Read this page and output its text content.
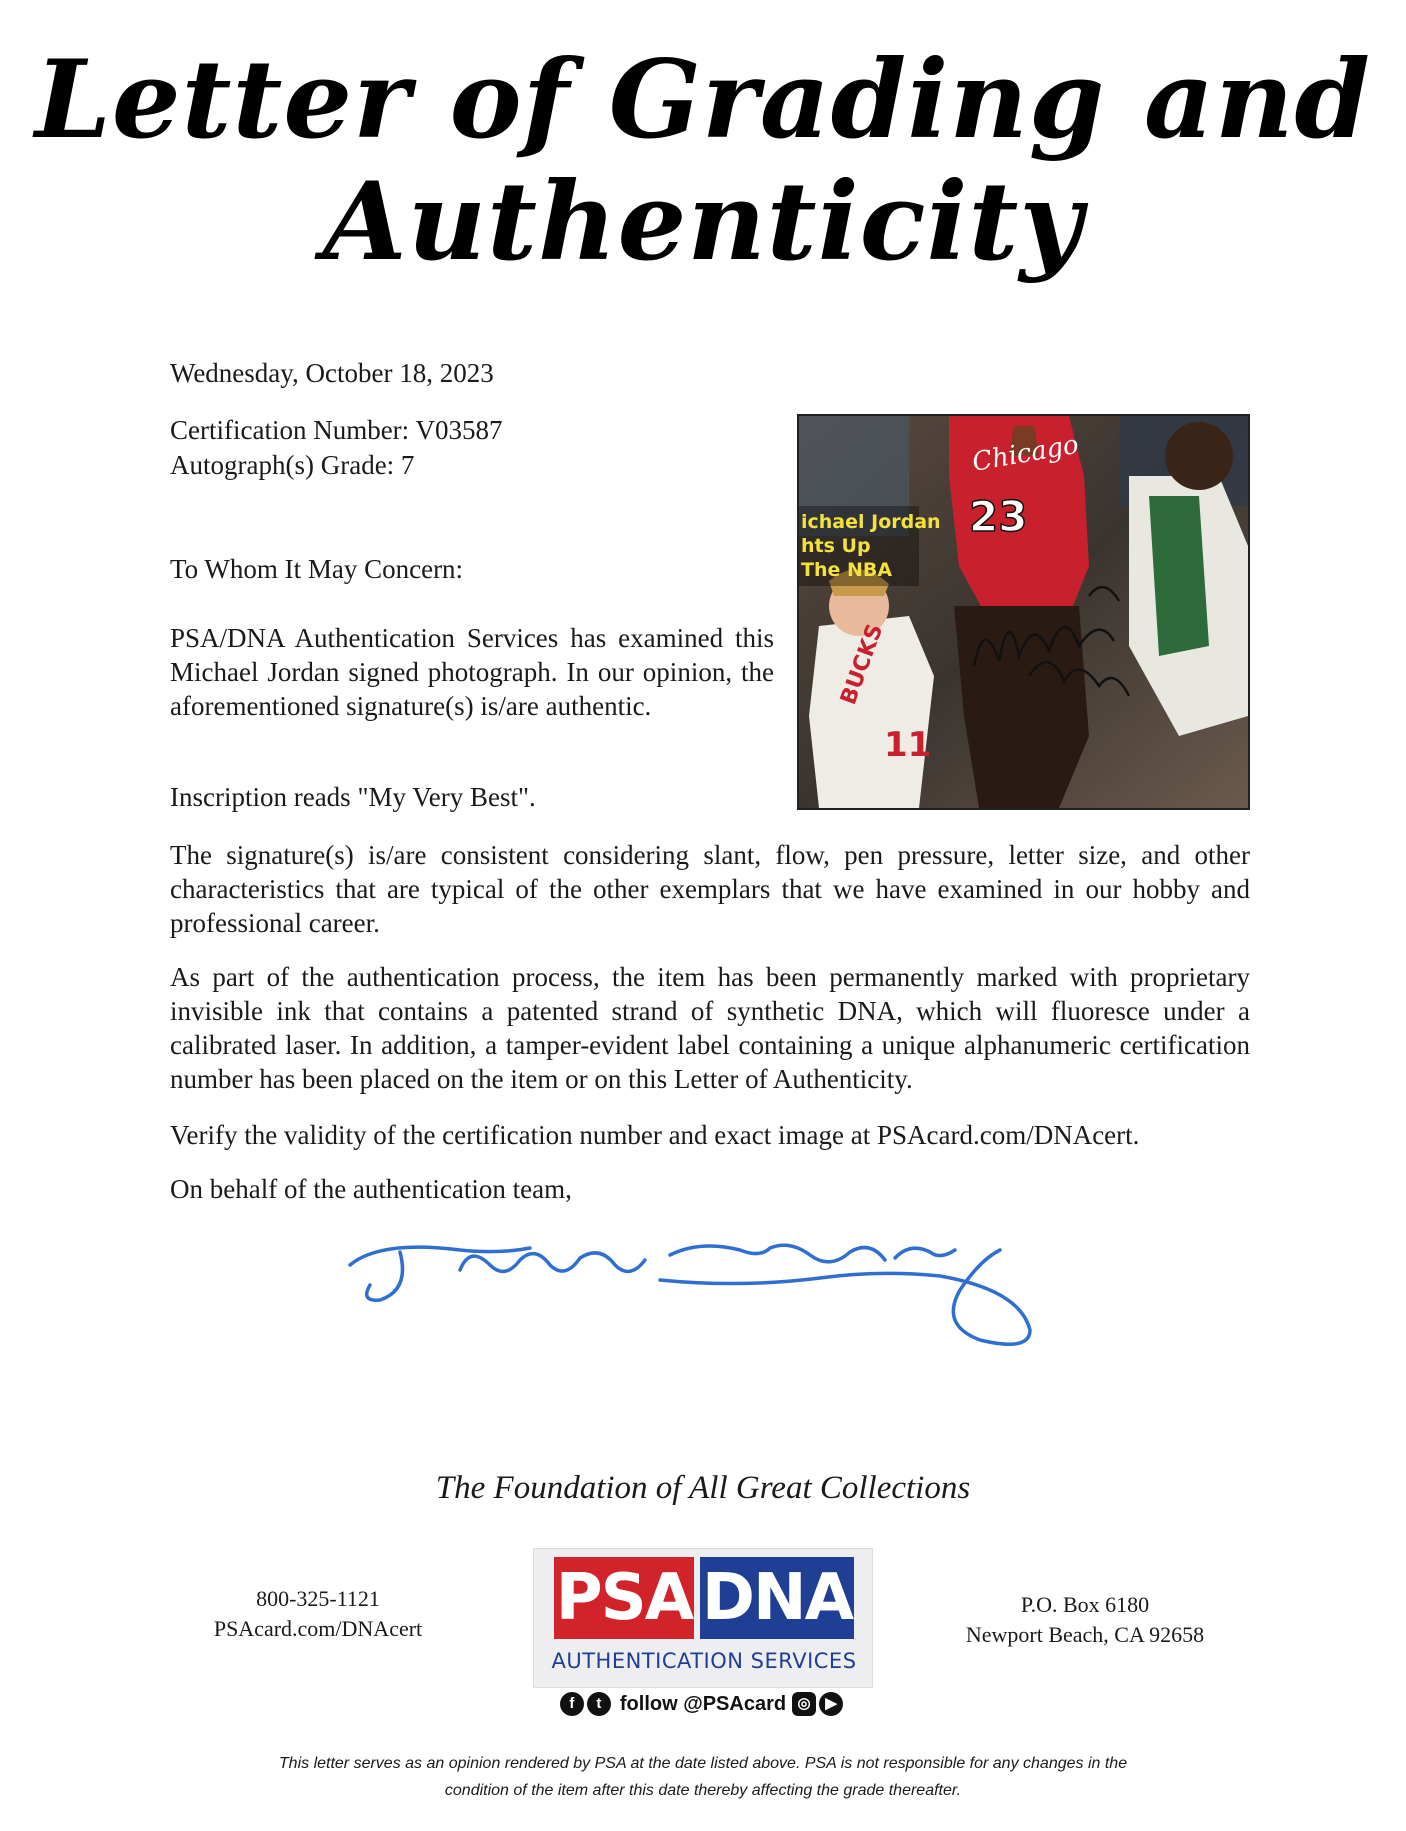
Letter of Grading and
Authenticity
Wednesday, October 18, 2023
Certification Number: V03587
Autograph(s) Grade: 7
To Whom It May Concern:
PSA/DNA Authentication Services has examined this Michael Jordan signed photograph. In our opinion, the aforementioned signature(s) is/are authentic.
Inscription reads "My Very Best".
The signature(s) is/are consistent considering slant, flow, pen pressure, letter size, and other characteristics that are typical of the other exemplars that we have examined in our hobby and professional career.
As part of the authentication process, the item has been permanently marked with proprietary invisible ink that contains a patented strand of synthetic DNA, which will fluoresce under a calibrated laser. In addition, a tamper-evident label containing a unique alphanumeric certification number has been placed on the item or on this Letter of Authenticity.
Verify the validity of the certification number and exact image at PSAcard.com/DNAcert.
On behalf of the authentication team,
Chicago
23
BUCKS
11
ichael Jordan
hts Up
The NBA
The Foundation of All Great Collections
800-325-1121
PSAcard.com/DNAcert	PSA DNA
AUTHENTICATION SERVICES
f t follow @PSAcard ◎ ▶
P.O. Box 6180
Newport Beach, CA 92658
This letter serves as an opinion rendered by PSA at the date listed above. PSA is not responsible for any changes in the
condition of the item after this date thereby affecting the grade thereafter.
